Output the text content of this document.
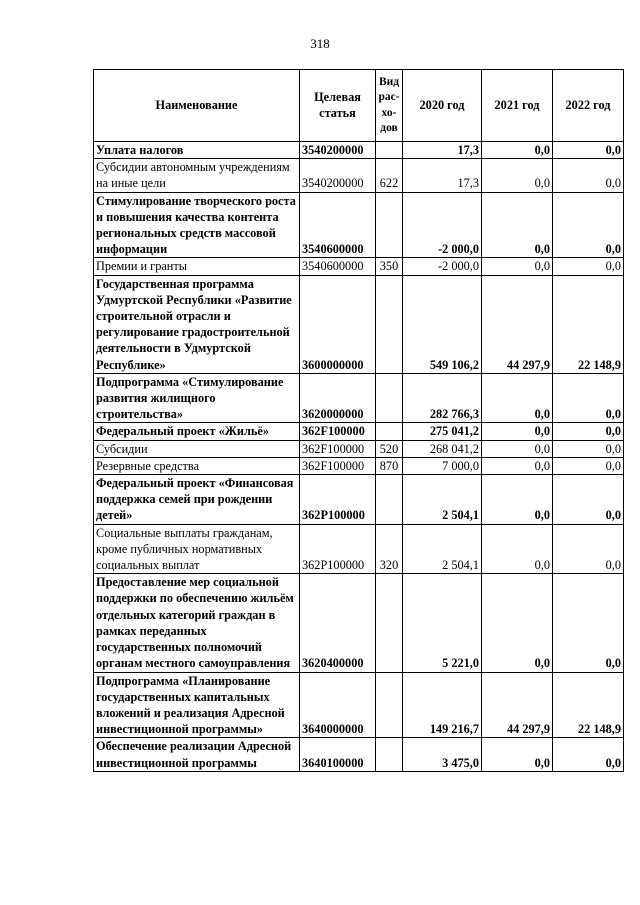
318
Наименование	Целевая статья	Вид рас-хо-дов	2020 год	2021 год	2022 год
Уплата налогов	3540200000		17,3	0,0	0,0
Субсидии автономным учреждениям на иные цели	3540200000	622	17,3	0,0	0,0
Стимулирование творческого роста и повышения качества контента региональных средств массовой информации	3540600000		-2 000,0	0,0	0,0
Премии и гранты	3540600000	350	-2 000,0	0,0	0,0
Государственная программа Удмуртской Республики «Развитие строительной отрасли и регулирование градостроительной деятельности в Удмуртской Республике»	3600000000		549 106,2	44 297,9	22 148,9
Подпрограмма «Стимулирование развития жилищного строительства»	3620000000		282 766,3	0,0	0,0
Федеральный проект «Жильё»	362F100000		275 041,2	0,0	0,0
Субсидии	362F100000	520	268 041,2	0,0	0,0
Резервные средства	362F100000	870	7 000,0	0,0	0,0
Федеральный проект «Финансовая поддержка семей при рождении детей»	362P100000		2 504,1	0,0	0,0
Социальные выплаты гражданам, кроме публичных нормативных социальных выплат	362P100000	320	2 504,1	0,0	0,0
Предоставление мер социальной поддержки по обеспечению жильём отдельных категорий граждан в рамках переданных государственных полномочий органам местного самоуправления	3620400000		5 221,0	0,0	0,0
Подпрограмма «Планирование государственных капитальных вложений и реализация Адресной инвестиционной программы»	3640000000		149 216,7	44 297,9	22 148,9
Обеспечение реализации Адресной инвестиционной программы	3640100000		3 475,0	0,0	0,0
